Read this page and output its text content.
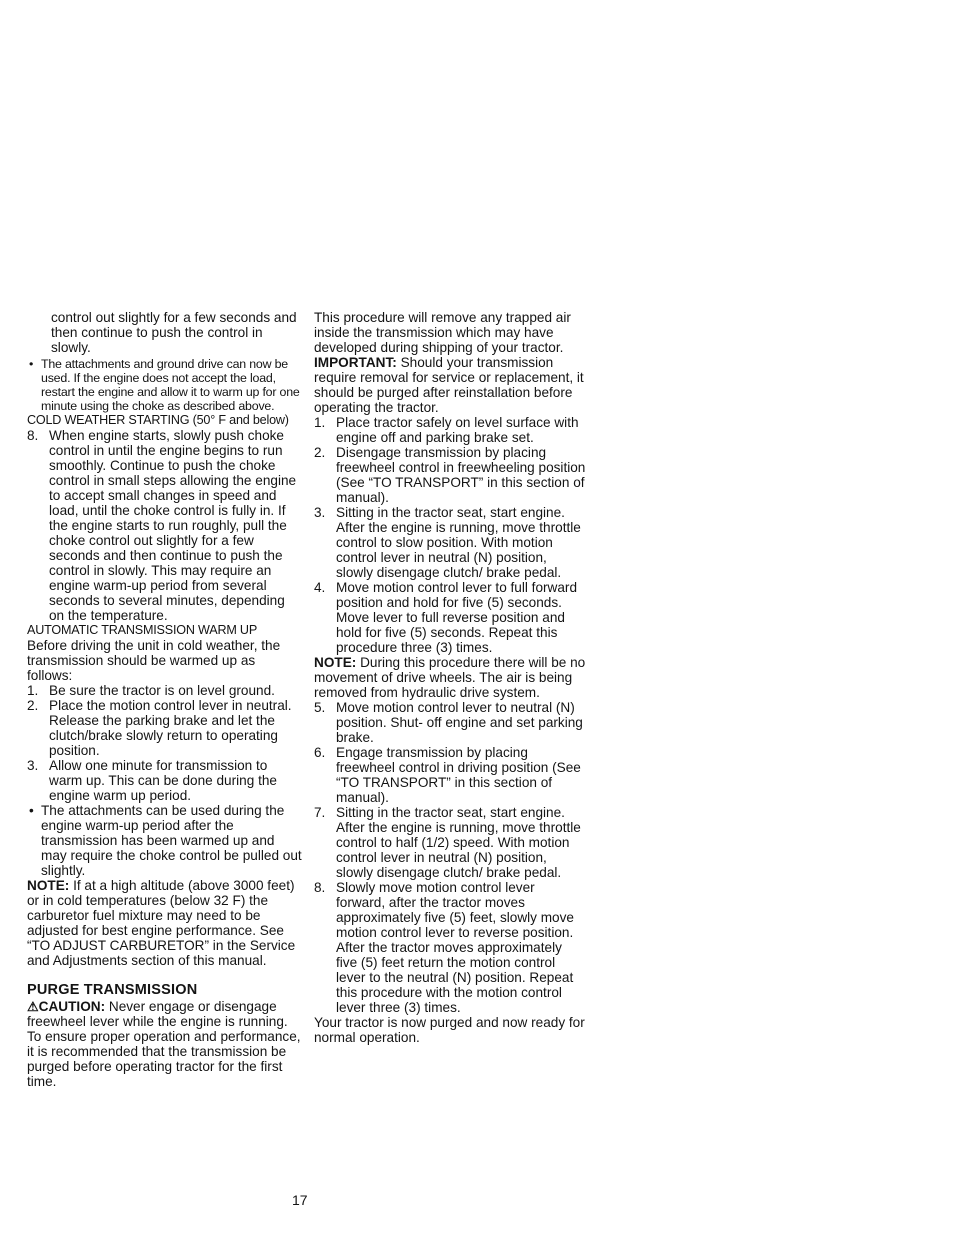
control out slightly for a few seconds and then continue to push the control in slowly.

• The attachments and ground drive can now be used. If the engine does not accept the load, restart the engine and allow it to warm up for one minute using the choke as described above.

COLD WEATHER STARTING (50° F and below)

8. When engine starts, slowly push choke control in until the engine begins to run smoothly. Continue to push the choke control in small steps allowing the engine to accept small changes in speed and load, until the choke control is fully in. If the engine starts to run roughly, pull the choke control out slightly for a few seconds and then continue to push the control in slowly. This may require an engine warm-up period from several seconds to several minutes, depending on the temperature.

AUTOMATIC TRANSMISSION WARM UP

Before driving the unit in cold weather, the transmission should be warmed up as follows:

1. Be sure the tractor is on level ground.
2. Place the motion control lever in neutral. Release the parking brake and let the clutch/brake slowly return to operating position.
3. Allow one minute for transmission to warm up. This can be done during the engine warm up period.
• The attachments can be used during the engine warm-up period after the transmission has been warmed up and may require the choke control be pulled out slightly.

NOTE: If at a high altitude (above 3000 feet) or in cold temperatures (below 32 F) the carburetor fuel mixture may need to be adjusted for best engine performance. See “TO ADJUST CARBURETOR” in the Service and Adjustments section of this manual.

PURGE TRANSMISSION

⚠CAUTION: Never engage or disengage freewheel lever while the engine is running.

To ensure proper operation and performance, it is recommended that the transmission be purged before operating tractor for the first time.

This procedure will remove any trapped air inside the transmission which may have developed during shipping of your tractor.

IMPORTANT: Should your transmission require removal for service or replacement, it should be purged after reinstallation before operating the tractor.

1. Place tractor safely on level surface with engine off and parking brake set.
2. Disengage transmission by placing freewheel control in freewheeling position (See “TO TRANSPORT” in this section of manual).
3. Sitting in the tractor seat, start engine. After the engine is running, move throttle control to slow position. With motion control lever in neutral (N) position, slowly disengage clutch/ brake pedal.
4. Move motion control lever to full forward position and hold for five (5) seconds. Move lever to full reverse position and hold for five (5) seconds. Repeat this procedure three (3) times.

NOTE: During this procedure there will be no movement of drive wheels. The air is being removed from hydraulic drive system.

5. Move motion control lever to neutral (N) position. Shut- off engine and set parking brake.
6. Engage transmission by placing freewheel control in driving position (See “TO TRANSPORT” in this section of manual).
7. Sitting in the tractor seat, start engine. After the engine is running, move throttle control to half (1/2) speed. With motion control lever in neutral (N) position, slowly disengage clutch/ brake pedal.
8. Slowly move motion control lever forward, after the tractor moves approximately five (5) feet, slowly move motion control lever to reverse position. After the tractor moves approximately five (5) feet return the motion control lever to the neutral (N) position. Repeat this procedure with the motion control lever three (3) times.

Your tractor is now purged and now ready for normal operation.

17
